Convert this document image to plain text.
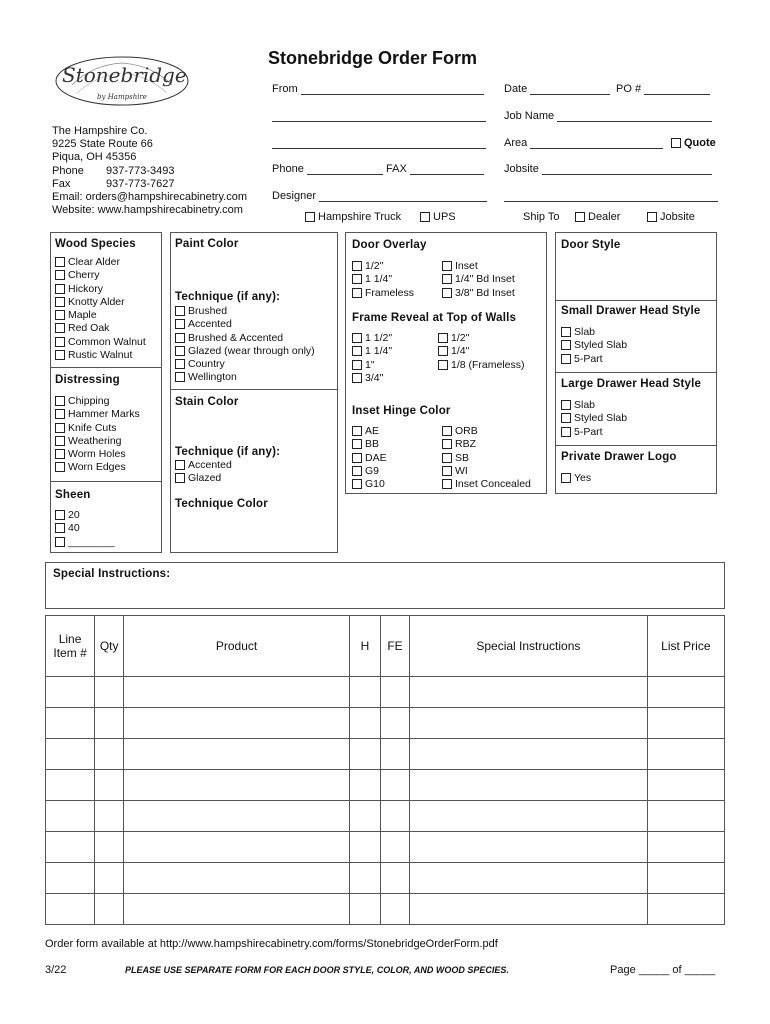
Stonebridge
by Hampshire
The Hampshire Co.
9225 State Route 66
Piqua, OH 45356
Phone 937-773-3493
Fax	937-773-7627
Email: orders@hampshirecabinetry.com
Website: www.hampshirecabinetry.com
Stonebridge Order Form
From	Date	PO #
Job Name
Area	Quote
Phone	FAX	Jobsite
Designer
Hampshire Truck	UPS	Ship To	Dealer	Jobsite
Wood Species
Clear Alder
Cherry
Hickory
Knotty Alder
Maple
Red Oak
Common Walnut
Rustic Walnut
Distressing
Chipping
Hammer Marks
Knife Cuts
Weathering
Worm Holes
Worn Edges
Sheen
20
40
________
Paint Color
Technique (if any):
Brushed
Accented
Brushed & Accented
Glazed (wear through only)
Country
Wellington
Stain Color
Technique (if any):
Accented
Glazed
Technique Color
Door Overlay
1/2"
1 1/4"
Frameless
Inset
1/4" Bd Inset
3/8" Bd Inset
Frame Reveal at Top of Walls
1 1/2"
1 1/4"
1"
3/4"
1/2"
1/4"
1/8 (Frameless)
Inset Hinge Color
AE
BB
DAE
G9
G10
ORB
RBZ
SB
WI
Inset Concealed
Door Style
Small Drawer Head Style
Slab
Styled Slab
5-Part
Large Drawer Head Style
Slab
Styled Slab
5-Part
Private Drawer Logo
Yes
Special Instructions:
Line
Item #	Qty	Product	H	FE	Special Instructions	List Price

Order form available at http://www.hampshirecabinetry.com/forms/StonebridgeOrderForm.pdf
3/22	PLEASE USE SEPARATE FORM FOR EACH DOOR STYLE, COLOR, AND WOOD SPECIES.	Page _____ of _____
